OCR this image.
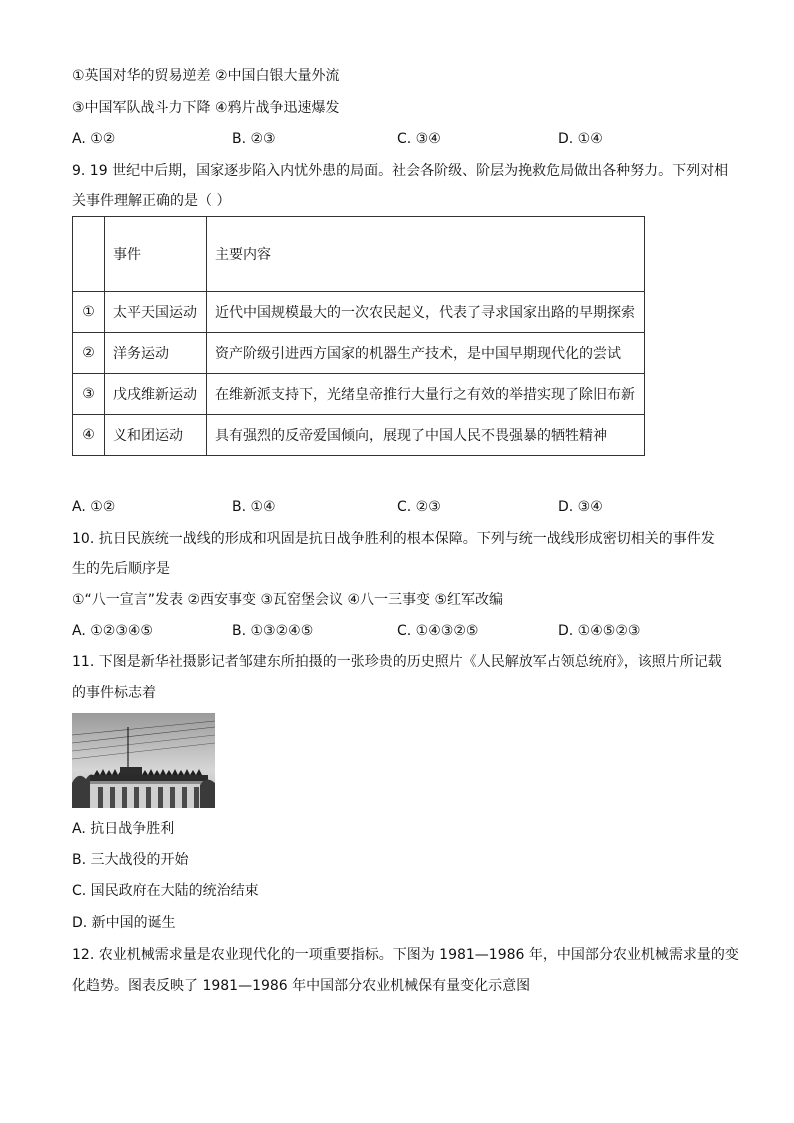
①英国对华的贸易逆差 ②中国白银大量外流
③中国军队战斗力下降 ④鸦片战争迅速爆发
A. ①②	B. ②③	C. ③④	D. ①④
9. 19 世纪中后期，国家逐步陷入内忧外患的局面。社会各阶级、阶层为挽救危局做出各种努力。下列对相
关事件理解正确的是（ ）
	事件	主要内容
①	太平天国运动	近代中国规模最大的一次农民起义，代表了寻求国家出路的早期探索
②	洋务运动	资产阶级引进西方国家的机器生产技术，是中国早期现代化的尝试
③	戊戌维新运动	在维新派支持下，光绪皇帝推行大量行之有效的举措实现了除旧布新
④	义和团运动	具有强烈的反帝爱国倾向，展现了中国人民不畏强暴的牺牲精神
A. ①②	B. ①④	C. ②③	D. ③④
10. 抗日民族统一战线的形成和巩固是抗日战争胜利的根本保障。下列与统一战线形成密切相关的事件发
生的先后顺序是
①“八一宣言”发表 ②西安事变 ③瓦窑堡会议 ④八一三事变 ⑤红军改编
A. ①②③④⑤	B. ①③②④⑤	C. ①④③②⑤	D. ①④⑤②③
11. 下图是新华社摄影记者邹建东所拍摄的一张珍贵的历史照片《人民解放军占领总统府》，该照片所记载
的事件标志着
A. 抗日战争胜利
B. 三大战役的开始
C. 国民政府在大陆的统治结束
D. 新中国的诞生
12. 农业机械需求量是农业现代化的一项重要指标。下图为 1981—1986 年，中国部分农业机械需求量的变
化趋势。图表反映了 1981—1986 年中国部分农业机械保有量变化示意图
